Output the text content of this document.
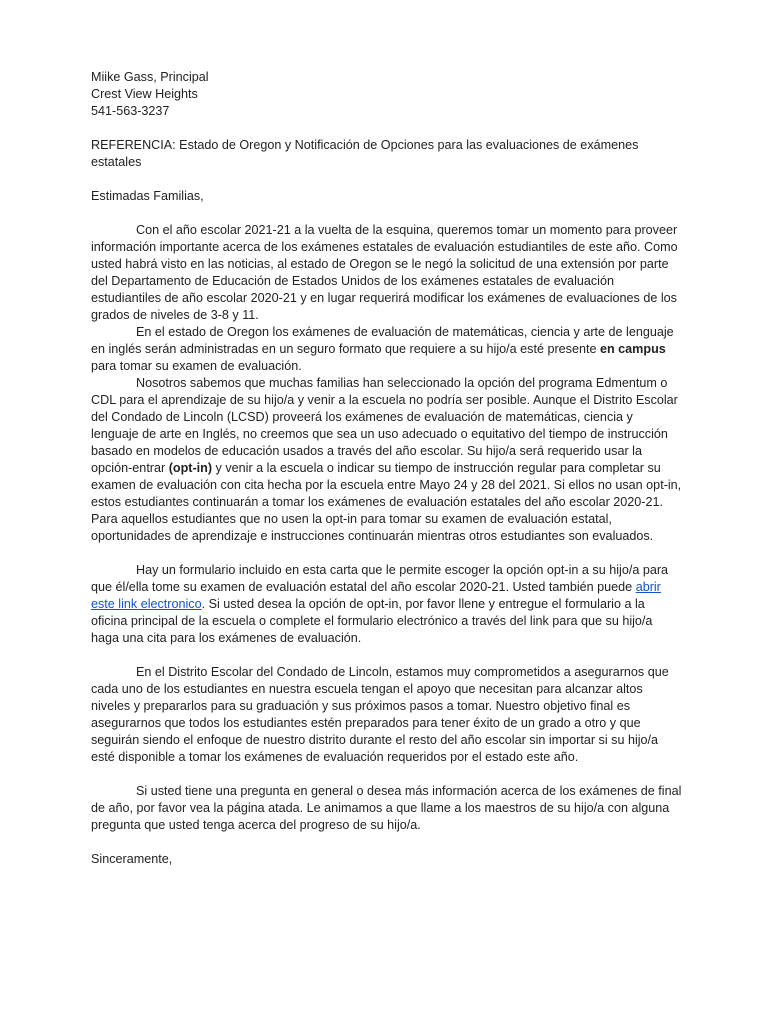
Miike Gass, Principal

Crest View Heights

541-563-3237

REFERENCIA: Estado de Oregon y Notificación de Opciones para las evaluaciones de exámenes estatales

Estimadas Familias,

Con el año escolar 2021-21 a la vuelta de la esquina, queremos tomar un momento para proveer información importante acerca de los exámenes estatales de evaluación estudiantiles de este año. Como usted habrá visto en las noticias, al estado de Oregon se le negó la solicitud de una extensión por parte del Departamento de Educación de Estados Unidos de los exámenes estatales de evaluación estudiantiles de año escolar 2020-21 y en lugar requerirá modificar los exámenes de evaluaciones de los grados de niveles de 3-8 y 11.

En el estado de Oregon los exámenes de evaluación de matemáticas, ciencia y arte de lenguaje en inglés serán administradas en un seguro formato que requiere a su hijo/a esté presente en campus para tomar su examen de evaluación.

Nosotros sabemos que muchas familias han seleccionado la opción del programa Edmentum o CDL para el aprendizaje de su hijo/a y venir a la escuela no podría ser posible. Aunque el Distrito Escolar del Condado de Lincoln (LCSD) proveerá los exámenes de evaluación de matemáticas, ciencia y lenguaje de arte en Inglés, no creemos que sea un uso adecuado o equitativo del tiempo de instrucción basado en modelos de educación usados a través del año escolar. Su hijo/a será requerido usar la opción-entrar (opt-in) y venir a la escuela o indicar su tiempo de instrucción regular para completar su examen de evaluación con cita hecha por la escuela entre Mayo 24 y 28 del 2021. Si ellos no usan opt-in, estos estudiantes continuarán a tomar los exámenes de evaluación estatales del año escolar 2020-21. Para aquellos estudiantes que no usen la opt-in para tomar su examen de evaluación estatal, oportunidades de aprendizaje e instrucciones continuarán mientras otros estudiantes son evaluados.

Hay un formulario incluido en esta carta que le permite escoger la opción opt-in a su hijo/a para que él/ella tome su examen de evaluación estatal del año escolar 2020-21. Usted también puede abrir este link electronico. Si usted desea la opción de opt-in, por favor llene y entregue el formulario a la oficina principal de la escuela o complete el formulario electrónico a través del link para que su hijo/a haga una cita para los exámenes de evaluación.

En el Distrito Escolar del Condado de Lincoln, estamos muy comprometidos a asegurarnos que cada uno de los estudiantes en nuestra escuela tengan el apoyo que necesitan para alcanzar altos niveles y prepararlos para su graduación y sus próximos pasos a tomar. Nuestro objetivo final es asegurarnos que todos los estudiantes estén preparados para tener éxito de un grado a otro y que seguirán siendo el enfoque de nuestro distrito durante el resto del año escolar sin importar si su hijo/a esté disponible a tomar los exámenes de evaluación requeridos por el estado este año.

Si usted tiene una pregunta en general o desea más información acerca de los exámenes de final de año, por favor vea la página atada. Le animamos a que llame a los maestros de su hijo/a con alguna pregunta que usted tenga acerca del progreso de su hijo/a.

Sinceramente,
